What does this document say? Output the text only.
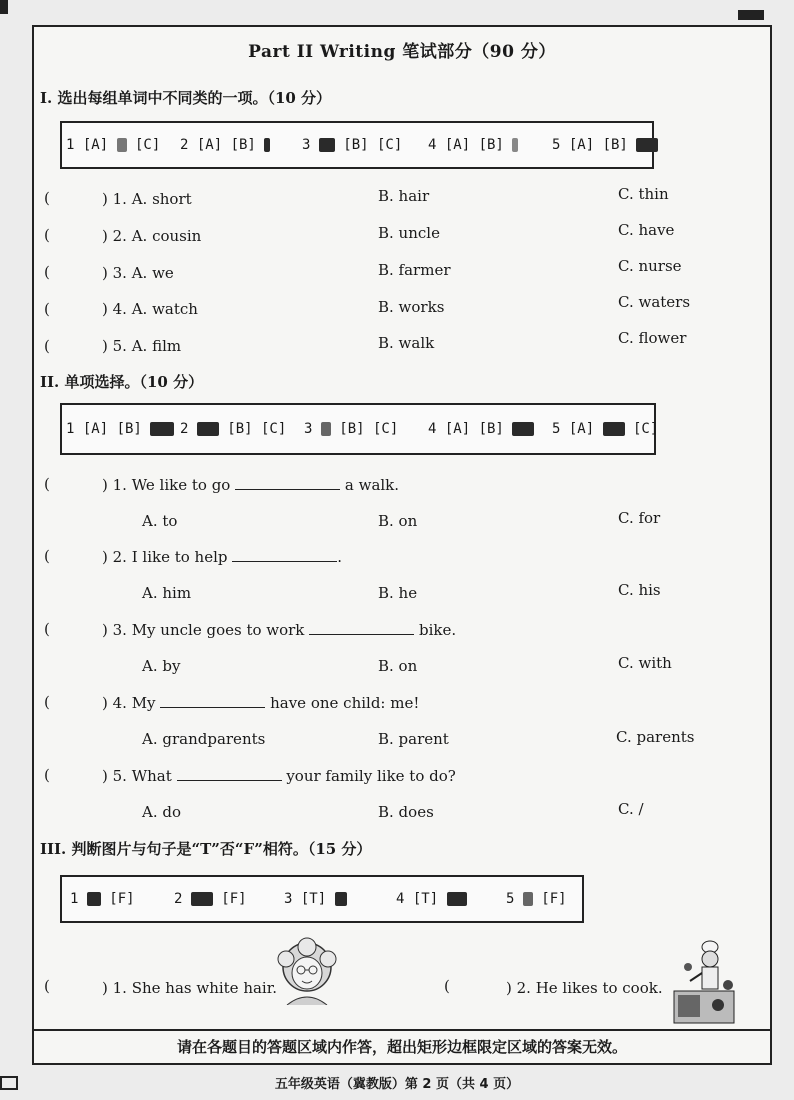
Part II Writing 笔试部分（90 分）
I. 选出每组单词中不同类的一项。（10 分）
1 [A]  [C] 2 [A] [B]	3  [B] [C] 4 [A] [B]	5 [A] [B]
(	) 1. A. short	B. hair	C. thin
(	) 2. A. cousin	B. uncle	C. have
(	) 3. A. we	B. farmer	C. nurse
(	) 4. A. watch	B. works	C. waters
(	) 5. A. film	B. walk	C. flower
II. 单项选择。（10 分）
1 [A] [B]	2  [B] [C] 3  [B] [C] 4 [A] [B]	5 [A]  [C]
(	) 1. We like to go	a walk.
A. to	B. on	C. for
(	) 2. I like to help	.
A. him	B. he	C. his
(	) 3. My uncle goes to work	bike.
A. by	B. on	C. with
(	) 4. My	have one child: me!
A. grandparents	B. parent	C. parents
(	) 5. What	your family like to do?
A. do	B. does	C. /
III. 判断图片与句子是“T”否“F”相符。（15 分）
1  [F]	2  [F]	3 [T]	4 [T]	5  [F]
(	) 1. She has white hair.	(	) 2. He likes to cook.
请在各题目的答题区域内作答，超出矩形边框限定区域的答案无效。
五年级英语（冀教版）第 2 页（共 4 页）
